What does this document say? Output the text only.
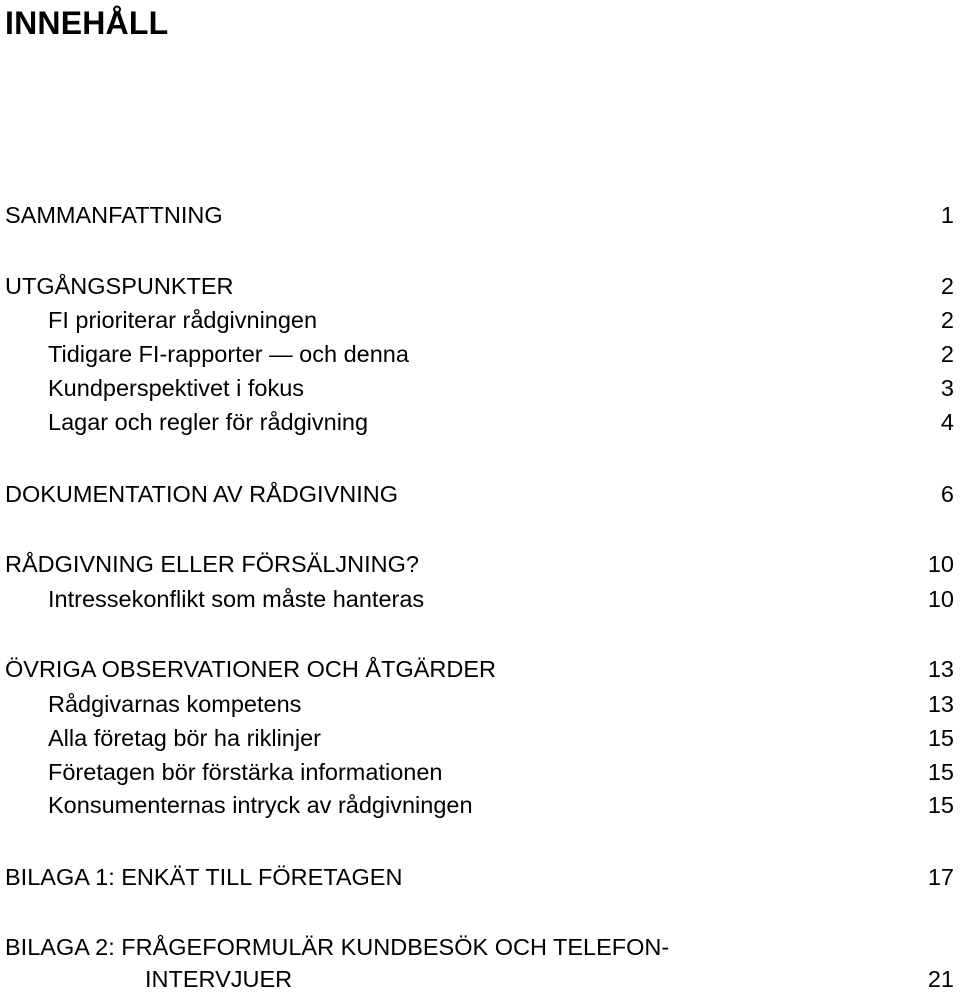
INNEHÅLL
SAMMANFATTNING	1
UTGÅNGSPUNKTER	2
FI prioriterar rådgivningen	2
Tidigare FI-rapporter — och denna	2
Kundperspektivet i fokus	3
Lagar och regler för rådgivning	4
DOKUMENTATION AV RÅDGIVNING	6
RÅDGIVNING ELLER FÖRSÄLJNING?	10
Intressekonflikt som måste hanteras	10
ÖVRIGA OBSERVATIONER OCH ÅTGÄRDER	13
Rådgivarnas kompetens	13
Alla företag bör ha riklinjer	15
Företagen bör förstärka informationen	15
Konsumenternas intryck av rådgivningen	15
BILAGA 1: ENKÄT TILL FÖRETAGEN	17
BILAGA 2: FRÅGEFORMULÄR KUNDBESÖK OCH TELEFON-
INTERVJUER	21
